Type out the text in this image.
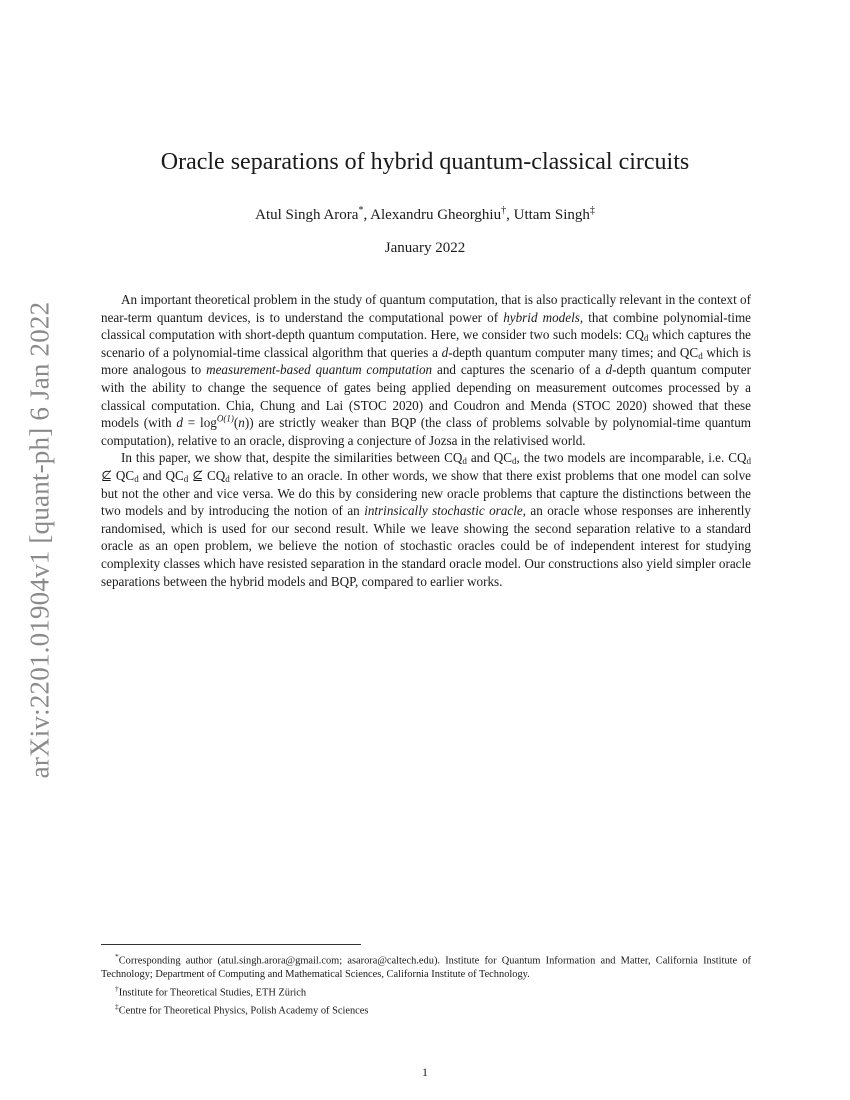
arXiv:2201.01904v1 [quant-ph] 6 Jan 2022
Oracle separations of hybrid quantum-classical circuits
Atul Singh Arora*, Alexandru Gheorghiu†, Uttam Singh‡
January 2022

An important theoretical problem in the study of quantum computation, that is also practically relevant in the context of near-term quantum devices, is to understand the computational power of hybrid models, that combine polynomial-time classical computation with short-depth quantum computation. Here, we consider two such models: $CQ_d$ which captures the scenario of a polynomial-time classical algorithm that queries a d-depth quantum computer many times; and $QC_d$ which is more analogous to measurement-based quantum computation and captures the scenario of a d-depth quantum computer with the ability to change the sequence of gates being applied depending on measurement outcomes processed by a classical computation. Chia, Chung and Lai (STOC 2020) and Coudron and Menda (STOC 2020) showed that these models (with $d = \log^{O(1)}(n)$) are strictly weaker than BQP (the class of problems solvable by polynomial-time quantum computation), relative to an oracle, disproving a conjecture of Jozsa in the relativised world.

In this paper, we show that, despite the similarities between $CQ_d$ and $QC_d$, the two models are incomparable, i.e. $CQ_d$ ⊈ $QC_d$ and $QC_d$ ⊈ $CQ_d$ relative to an oracle. In other words, we show that there exist problems that one model can solve but not the other and vice versa. We do this by considering new oracle problems that capture the distinctions between the two models and by introducing the notion of an intrinsically stochastic oracle, an oracle whose responses are inherently randomised, which is used for our second result. While we leave showing the second separation relative to a standard oracle as an open problem, we believe the notion of stochastic oracles could be of independent interest for studying complexity classes which have resisted separation in the standard oracle model. Our constructions also yield simpler oracle separations between the hybrid models and BQP, compared to earlier works.

*Corresponding author (atul.singh.arora@gmail.com; asarora@caltech.edu). Institute for Quantum Information and Matter, California Institute of Technology; Department of Computing and Mathematical Sciences, California Institute of Technology.

†Institute for Theoretical Studies, ETH Zürich

‡Centre for Theoretical Physics, Polish Academy of Sciences

1
